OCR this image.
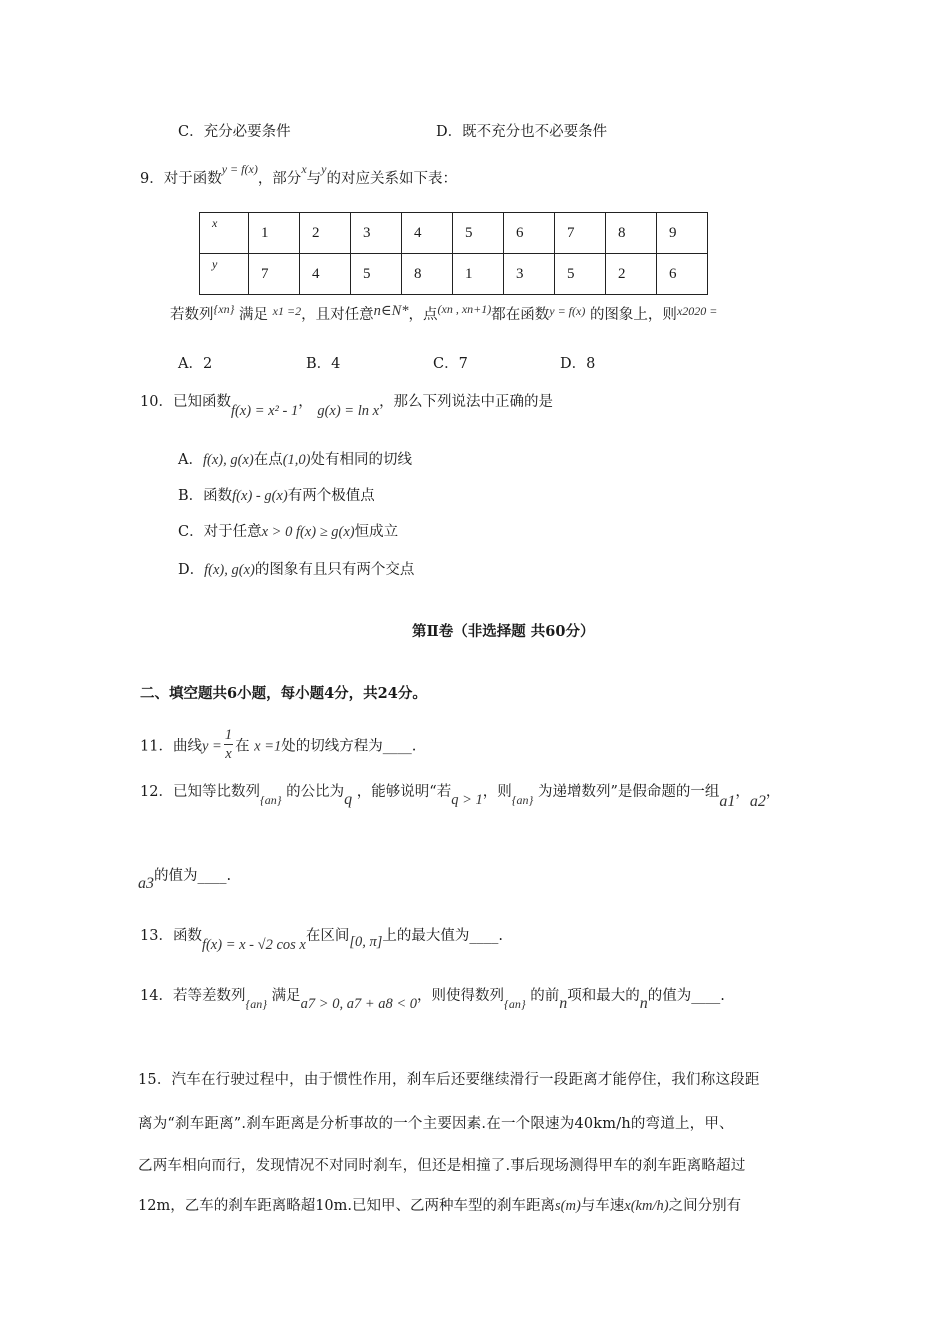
C．充分必要条件	D．既不充分也不必要条件
9．对于函数$^{y = f(x)}$，部分$^x$与$^y$的对应关系如下表：
x	1	2	3	4	5	6	7	8	9
y	7	4	5	8	1	3	5	2	6
若数列$^{\{xn\}}$ 满足 $^{x1 =2}$，且对任意n∈N*，点$^{(xn , xn+1)}$都在函数$^{y = f(x)}$ 的图象上，则$^{x2020 =}$
A．2	B．4	C．7	D．8
10．已知函数f(x) = x² - 1， g(x) = ln x，那么下列说法中正确的是
A．f(x), g(x)在点(1,0)处有相同的切线
B．函数f(x) - g(x)有两个极值点
C．对于任意x > 0 f(x) ≥ g(x)恒成立
D．f(x), g(x)的图象有且只有两个交点
第Ⅱ卷（非选择题 共60分）
二、填空题共6小题，每小题4分，共24分。
11．曲线$y = \frac{1}{x}$ 在 x =1处的切线方程为____.
12．已知等比数列$_{\{an\}}$ 的公比为q ，能够说明“若q > 1，则$_{\{an\}}$ 为递增数列”是假命题的一组a1，a2，
a3的值为____.
13．函数f(x) = x - √2 cos x在区间[0, π]上的最大值为____.
14．若等差数列$_{\{an\}}$ 满足a7 > 0, a7 + a8 < 0，则使得数列$_{\{an\}}$ 的前n项和最大的n的值为____.
15．汽车在行驶过程中，由于惯性作用，刹车后还要继续滑行一段距离才能停住，我们称这段距
离为“刹车距离”.刹车距离是分析事故的一个主要因素.在一个限速为40km/h的弯道上，甲、
乙两车相向而行，发现情况不对同时刹车，但还是相撞了.事后现场测得甲车的刹车距离略超过
12m，乙车的刹车距离略超10m.已知甲、乙两种车型的刹车距离s(m)与车速x(km/h)之间分别有
